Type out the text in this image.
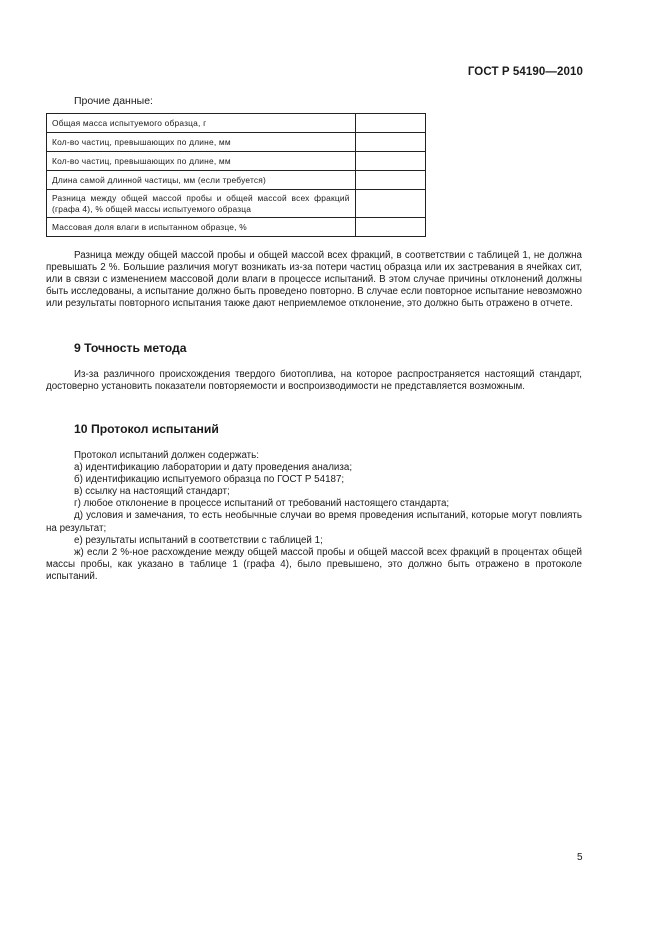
ГОСТ Р 54190—2010
Прочие данные:
Общая масса испытуемого образца, г	
Кол-во частиц, превышающих по длине, мм	
Кол-во частиц, превышающих по длине, мм	
Длина самой длинной частицы, мм (если требуется)	
Разница между общей массой пробы и общей массой всех фракций (графа 4), % общей массы испытуемого образца	
Массовая доля влаги в испытанном образце, %	

Разница между общей массой пробы и общей массой всех фракций, в соответствии с таблицей 1, не должна превышать 2 %. Большие различия могут возникать из-за потери частиц образца или их застревания в ячейках сит, или в связи с изменением массовой доли влаги в процессе испытаний. В этом случае причины отклонений должны быть исследованы, а испытание должно быть проведено повторно. В случае если повторное испытание невозможно или результаты повторного испытания также дают неприемлемое отклонение, это должно быть отражено в отчете.

9 Точность метода

Из-за различного происхождения твердого биотоплива, на которое распространяется настоящий стандарт, достоверно установить показатели повторяемости и воспроизводимости не представляется возможным.

10 Протокол испытаний

Протокол испытаний должен содержать:

а) идентификацию лаборатории и дату проведения анализа;

б) идентификацию испытуемого образца по ГОСТ Р 54187;

в) ссылку на настоящий стандарт;

г) любое отклонение в процессе испытаний от требований настоящего стандарта;

д) условия и замечания, то есть необычные случаи во время проведения испытаний, которые могут повлиять на результат;

е) результаты испытаний в соответствии с таблицей 1;

ж) если 2 %-ное расхождение между общей массой пробы и общей массой всех фракций в процентах общей массы пробы, как указано в таблице 1 (графа 4), было превышено, это должно быть отражено в протоколе испытаний.

5
